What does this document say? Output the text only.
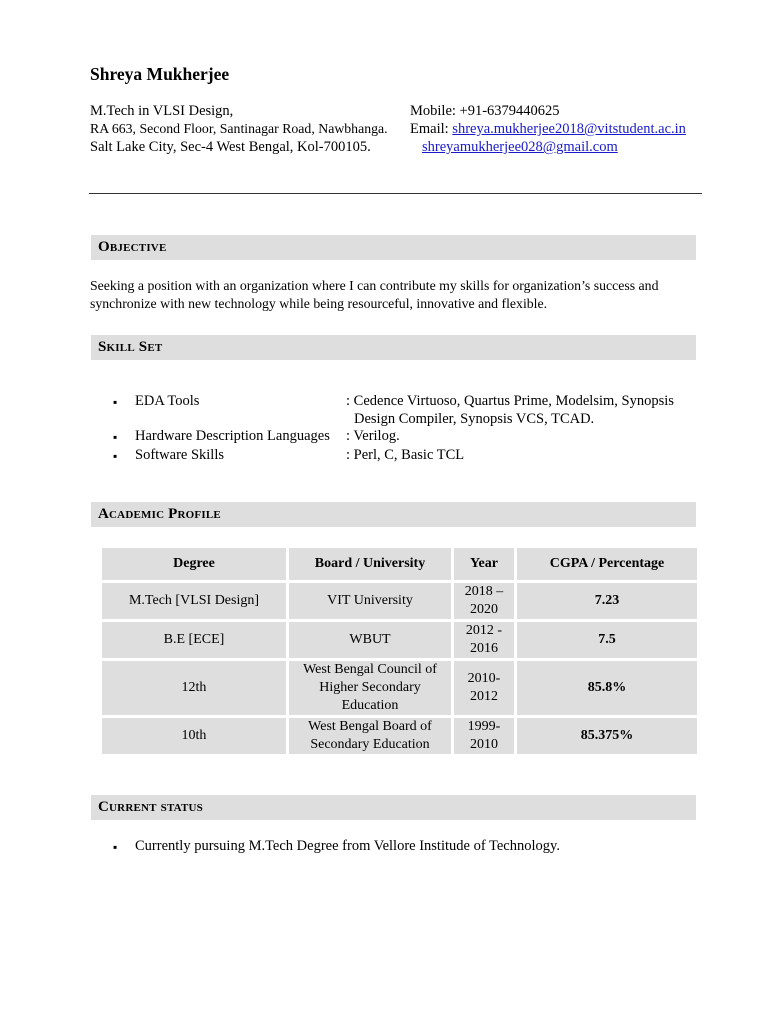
Shreya Mukherjee
M.Tech in VLSI Design,
RA 663, Second Floor, Santinagar Road, Nawbhanga.
Salt Lake City, Sec-4 West Bengal, Kol-700105.
Mobile: +91-6379440625
Email: shreya.mukherjee2018@vitstudent.ac.in
shreyamukherjee028@gmail.com
Objective
Seeking a position with an organization where I can contribute my skills for organization’s success and synchronize with new technology while being resourceful, innovative and flexible.
Skill Set
▪ EDA Tools	: Cedence Virtuoso, Quartus Prime, Modelsim, Synopsis
Design Compiler, Synopsis VCS, TCAD.
▪ Hardware Description Languages : Verilog.
▪ Software Skills	: Perl, C, Basic TCL
Academic Profile
Degree	Board / University	Year	CGPA / Percentage
M.Tech [VLSI Design]	VIT University	2018 – 2020	7.23
B.E [ECE]	WBUT	2012 - 2016	7.5
12th	West Bengal Council of Higher Secondary Education	2010- 2012	85.8%
10th	West Bengal Board of Secondary Education	1999- 2010	85.375%
Current status
▪ Currently pursuing M.Tech Degree from Vellore Institude of Technology.
